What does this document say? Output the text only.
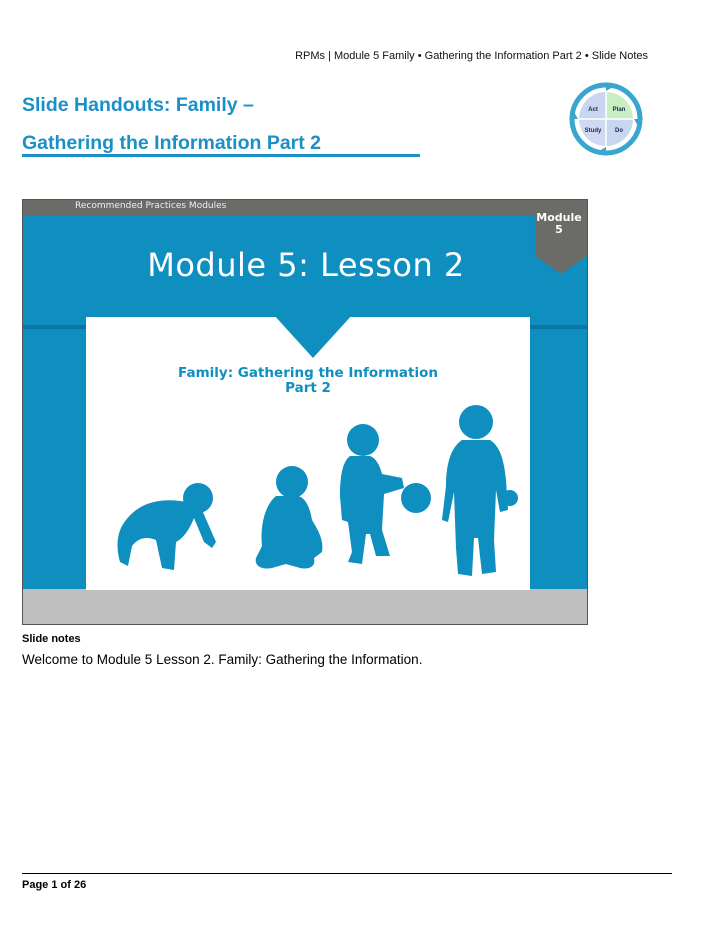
RPMs | Module 5 Family • Gathering the Information Part 2 • Slide Notes
Slide Handouts: Family –
Gathering the Information Part 2
Act Plan
Study Do
Recommended Practices Modules
Module 5: Lesson 2
Module
5
Family: Gathering the Information
Part 2
Slide notes
Welcome to Module 5 Lesson 2. Family: Gathering the Information.
Page 1 of 26
